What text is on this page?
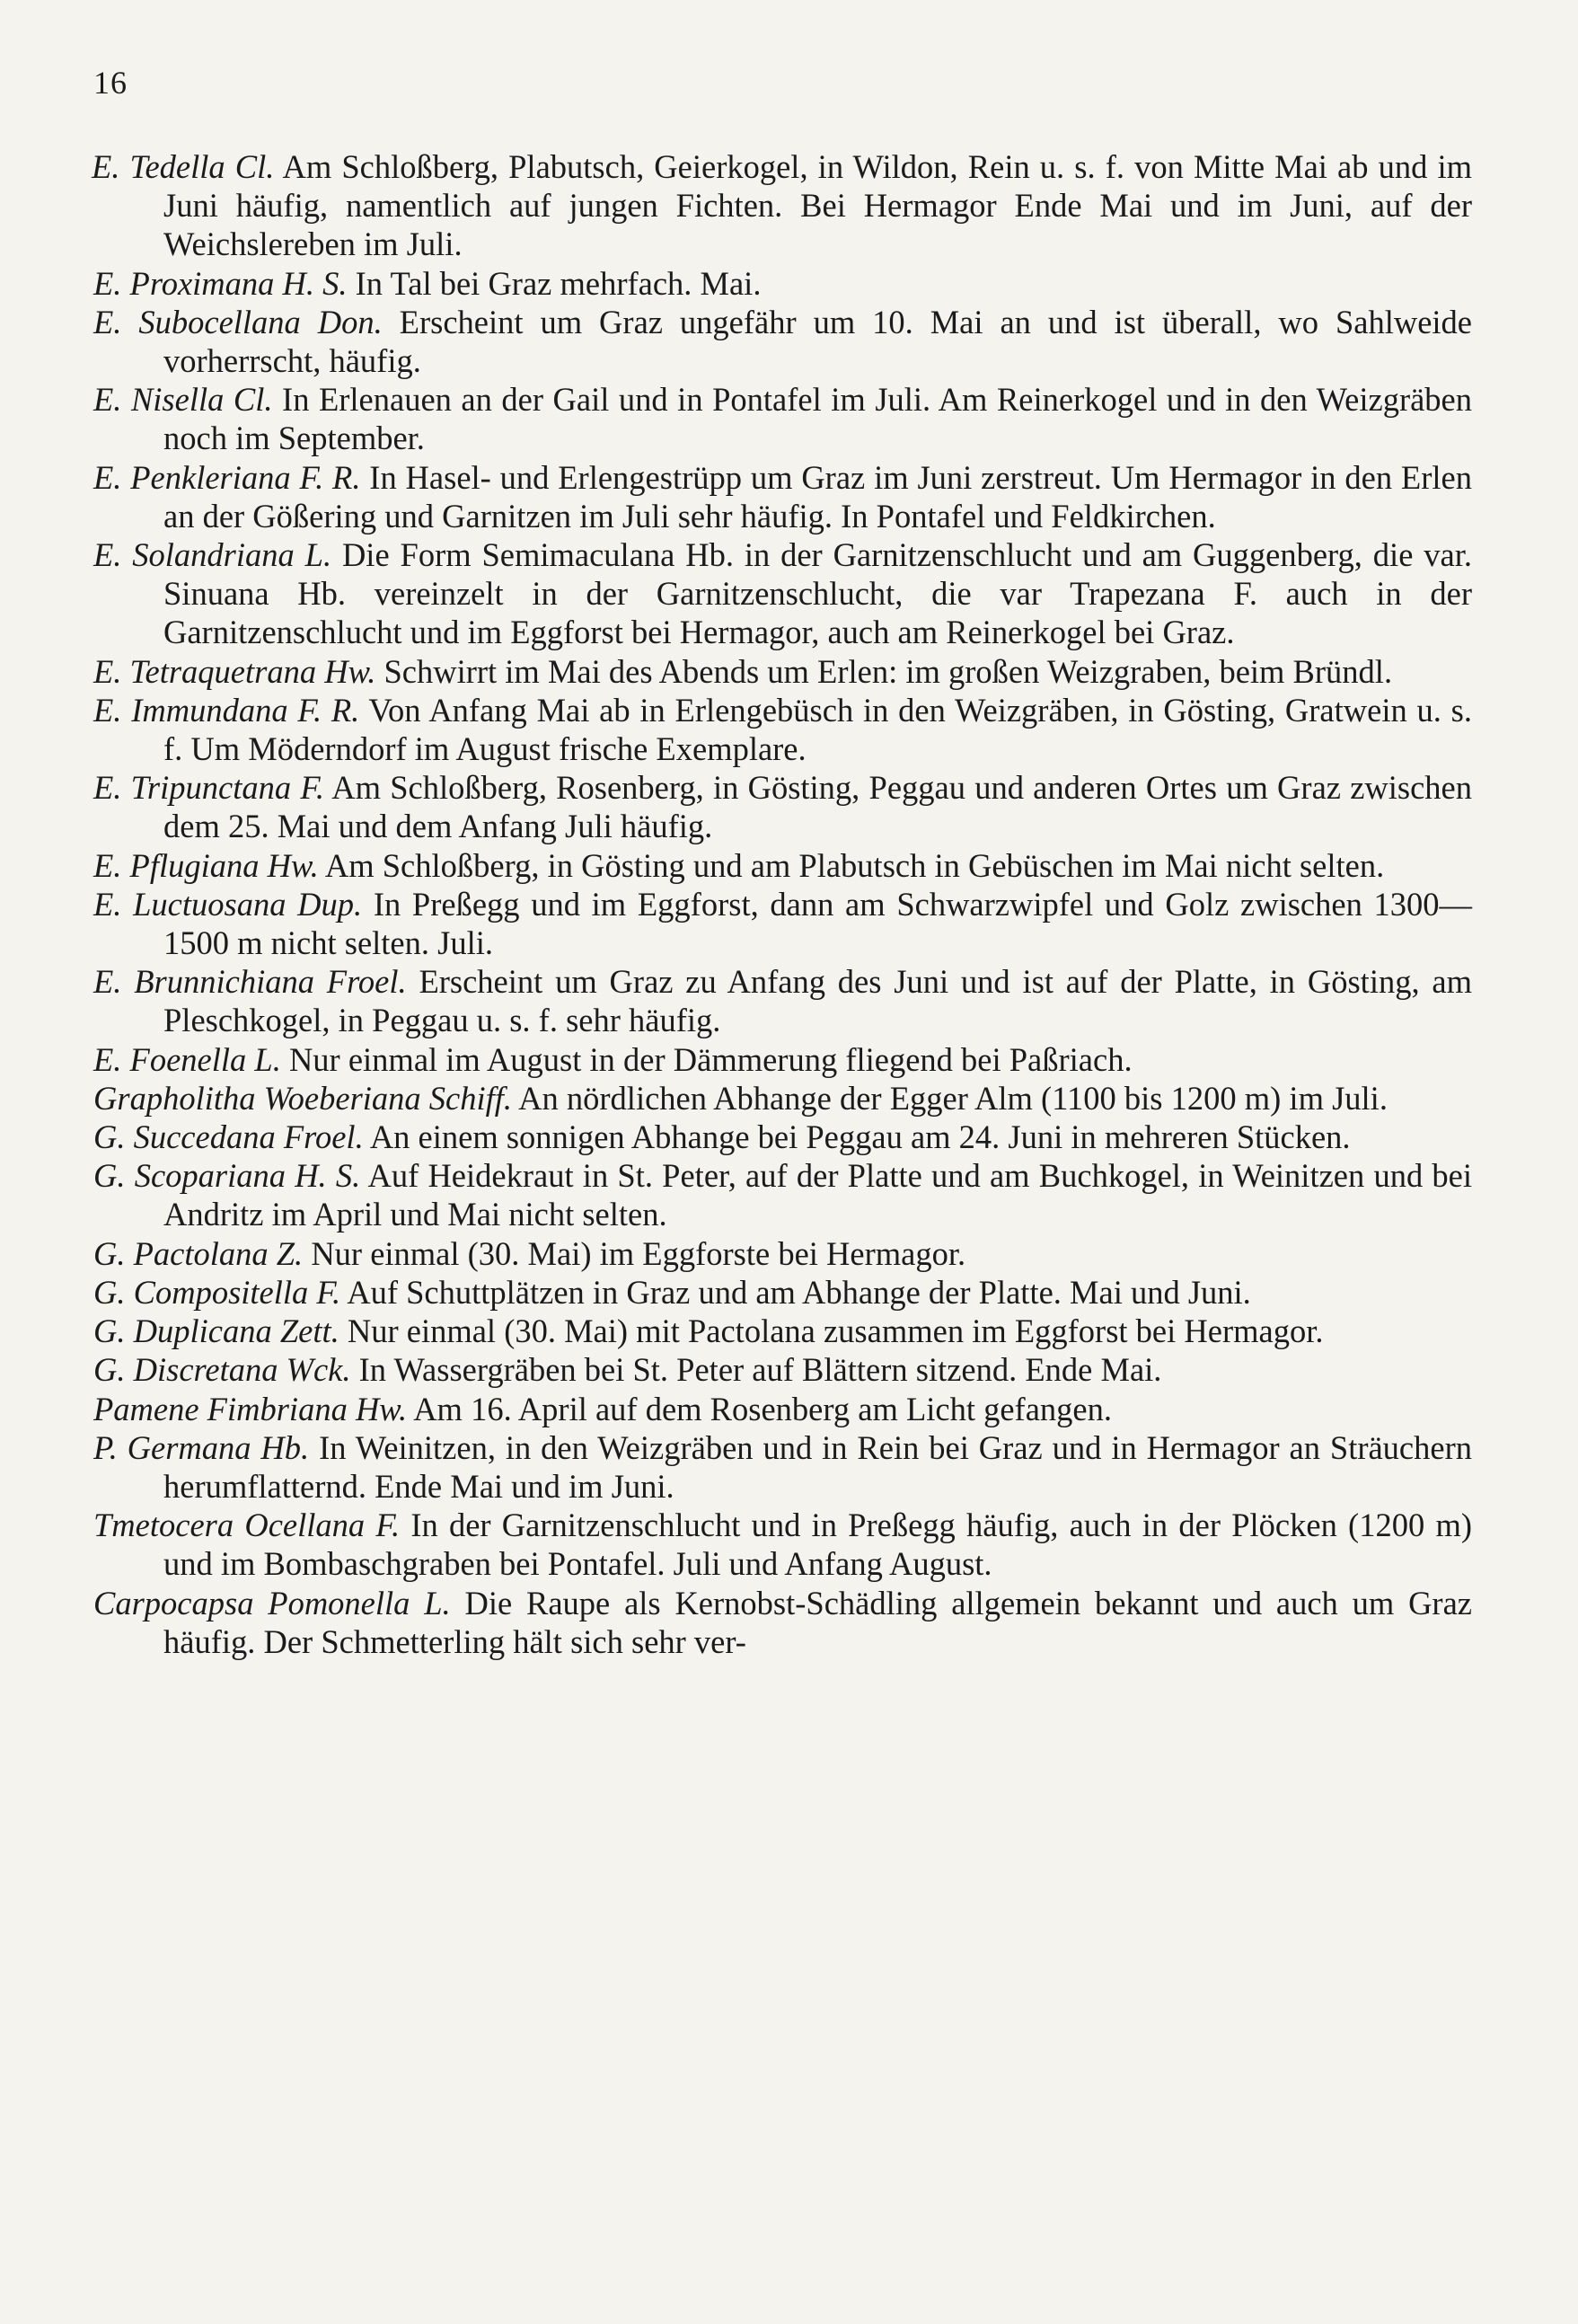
16

E. Tedella Cl. Am Schloßberg, Plabutsch, Geierkogel, in Wildon, Rein u. s. f. von Mitte Mai ab und im Juni häufig, namentlich auf jungen Fichten. Bei Hermagor Ende Mai und im Juni, auf der Weichslereben im Juli.

E. Proximana H. S. In Tal bei Graz mehrfach. Mai.

E. Subocellana Don. Erscheint um Graz ungefähr um 10. Mai an und ist überall, wo Sahlweide vorherrscht, häufig.

E. Nisella Cl. In Erlenauen an der Gail und in Pontafel im Juli. Am Reinerkogel und in den Weizgräben noch im September.

E. Penkleriana F. R. In Hasel- und Erlengestrüpp um Graz im Juni zerstreut. Um Hermagor in den Erlen an der Gößering und Garnitzen im Juli sehr häufig. In Pontafel und Feldkirchen.

E. Solandriana L. Die Form Semimaculana Hb. in der Garnitzenschlucht und am Guggenberg, die var. Sinuana Hb. vereinzelt in der Garnitzenschlucht, die var Trapezana F. auch in der Garnitzenschlucht und im Eggforst bei Hermagor, auch am Reinerkogel bei Graz.

E. Tetraquetrana Hw. Schwirrt im Mai des Abends um Erlen: im großen Weizgraben, beim Bründl.

E. Immundana F. R. Von Anfang Mai ab in Erlengebüsch in den Weizgräben, in Gösting, Gratwein u. s. f. Um Möderndorf im August frische Exemplare.

E. Tripunctana F. Am Schloßberg, Rosenberg, in Gösting, Peggau und anderen Ortes um Graz zwischen dem 25. Mai und dem Anfang Juli häufig.

E. Pflugiana Hw. Am Schloßberg, in Gösting und am Plabutsch in Gebüschen im Mai nicht selten.

E. Luctuosana Dup. In Preßegg und im Eggforst, dann am Schwarzwipfel und Golz zwischen 1300—1500 m nicht selten. Juli.

E. Brunnichiana Froel. Erscheint um Graz zu Anfang des Juni und ist auf der Platte, in Gösting, am Pleschkogel, in Peggau u. s. f. sehr häufig.

E. Foenella L. Nur einmal im August in der Dämmerung fliegend bei Paßriach.

Grapholitha Woeberiana Schiff. An nördlichen Abhange der Egger Alm (1100 bis 1200 m) im Juli.

G. Succedana Froel. An einem sonnigen Abhange bei Peggau am 24. Juni in mehreren Stücken.

G. Scopariana H. S. Auf Heidekraut in St. Peter, auf der Platte und am Buchkogel, in Weinitzen und bei Andritz im April und Mai nicht selten.

G. Pactolana Z. Nur einmal (30. Mai) im Eggforste bei Hermagor.

G. Compositella F. Auf Schuttplätzen in Graz und am Abhange der Platte. Mai und Juni.

G. Duplicana Zett. Nur einmal (30. Mai) mit Pactolana zusammen im Eggforst bei Hermagor.

G. Discretana Wck. In Wassergräben bei St. Peter auf Blättern sitzend. Ende Mai.

Pamene Fimbriana Hw. Am 16. April auf dem Rosenberg am Licht gefangen.

P. Germana Hb. In Weinitzen, in den Weizgräben und in Rein bei Graz und in Hermagor an Sträuchern herumflatternd. Ende Mai und im Juni.

Tmetocera Ocellana F. In der Garnitzenschlucht und in Preßegg häufig, auch in der Plöcken (1200 m) und im Bombaschgraben bei Pontafel. Juli und Anfang August.

Carpocapsa Pomonella L. Die Raupe als Kernobst-Schädling allgemein bekannt und auch um Graz häufig. Der Schmetterling hält sich sehr ver-
